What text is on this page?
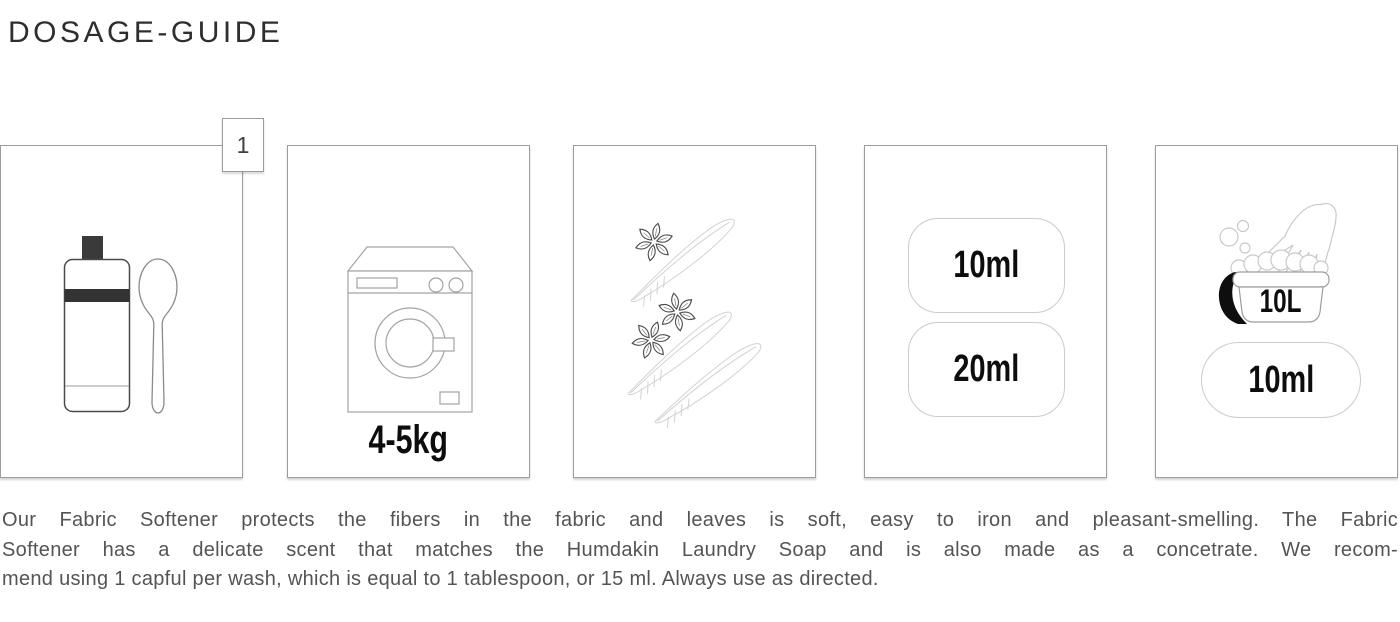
DOSAGE-GUIDE
1
4-5kg
10ml
20ml
10L
10ml
Our Fabric Softener protects the fibers in the fabric and leaves is soft, easy to iron and pleasant-smelling. The Fabric
Softener has a delicate scent that matches the Humdakin Laundry Soap and is also made as a concetrate. We recom-
mend using 1 capful per wash, which is equal to 1 tablespoon, or 15 ml. Always use as directed.
